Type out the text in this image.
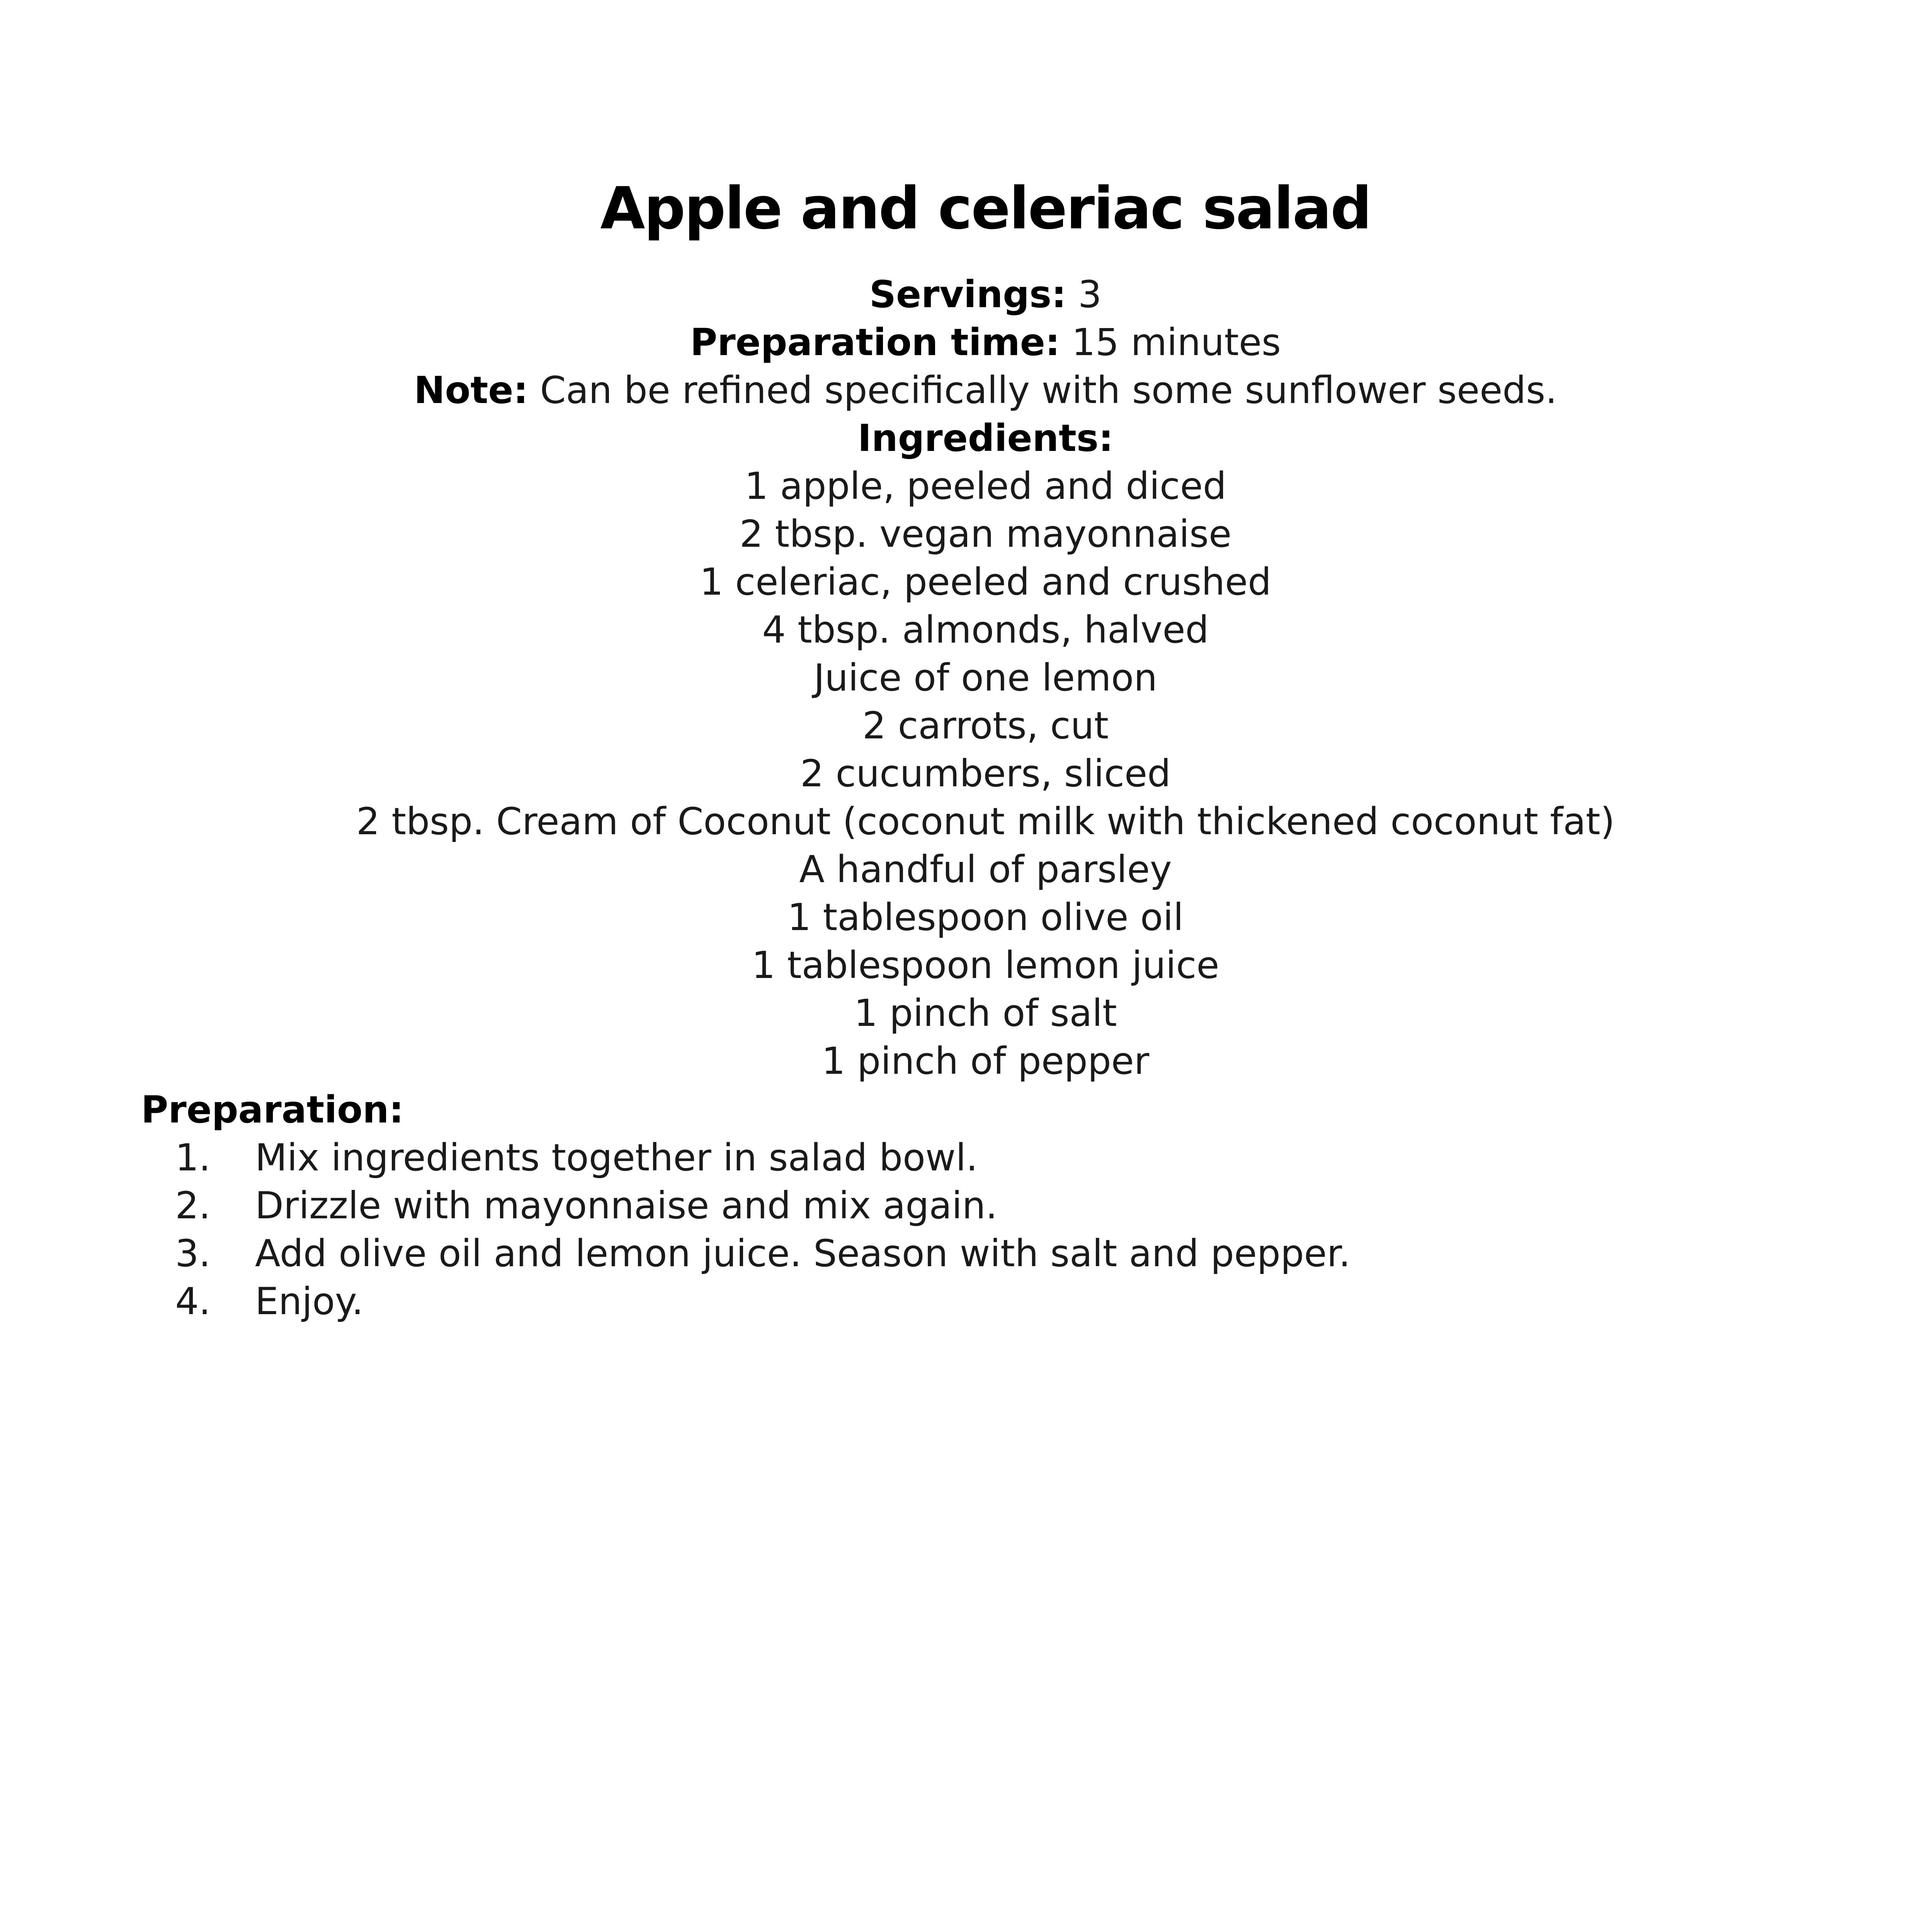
Apple and celeriac salad

Servings: 3

Preparation time: 15 minutes

Note: Can be refined specifically with some sunflower seeds.

Ingredients:

1 apple, peeled and diced

2 tbsp. vegan mayonnaise

1 celeriac, peeled and crushed

4 tbsp. almonds, halved

Juice of one lemon

2 carrots, cut

2 cucumbers, sliced

2 tbsp. Cream of Coconut (coconut milk with thickened coconut fat)

A handful of parsley

1 tablespoon olive oil

1 tablespoon lemon juice

1 pinch of salt

1 pinch of pepper

Preparation:

1. Mix ingredients together in salad bowl.
2. Drizzle with mayonnaise and mix again.
3. Add olive oil and lemon juice. Season with salt and pepper.
4. Enjoy.
